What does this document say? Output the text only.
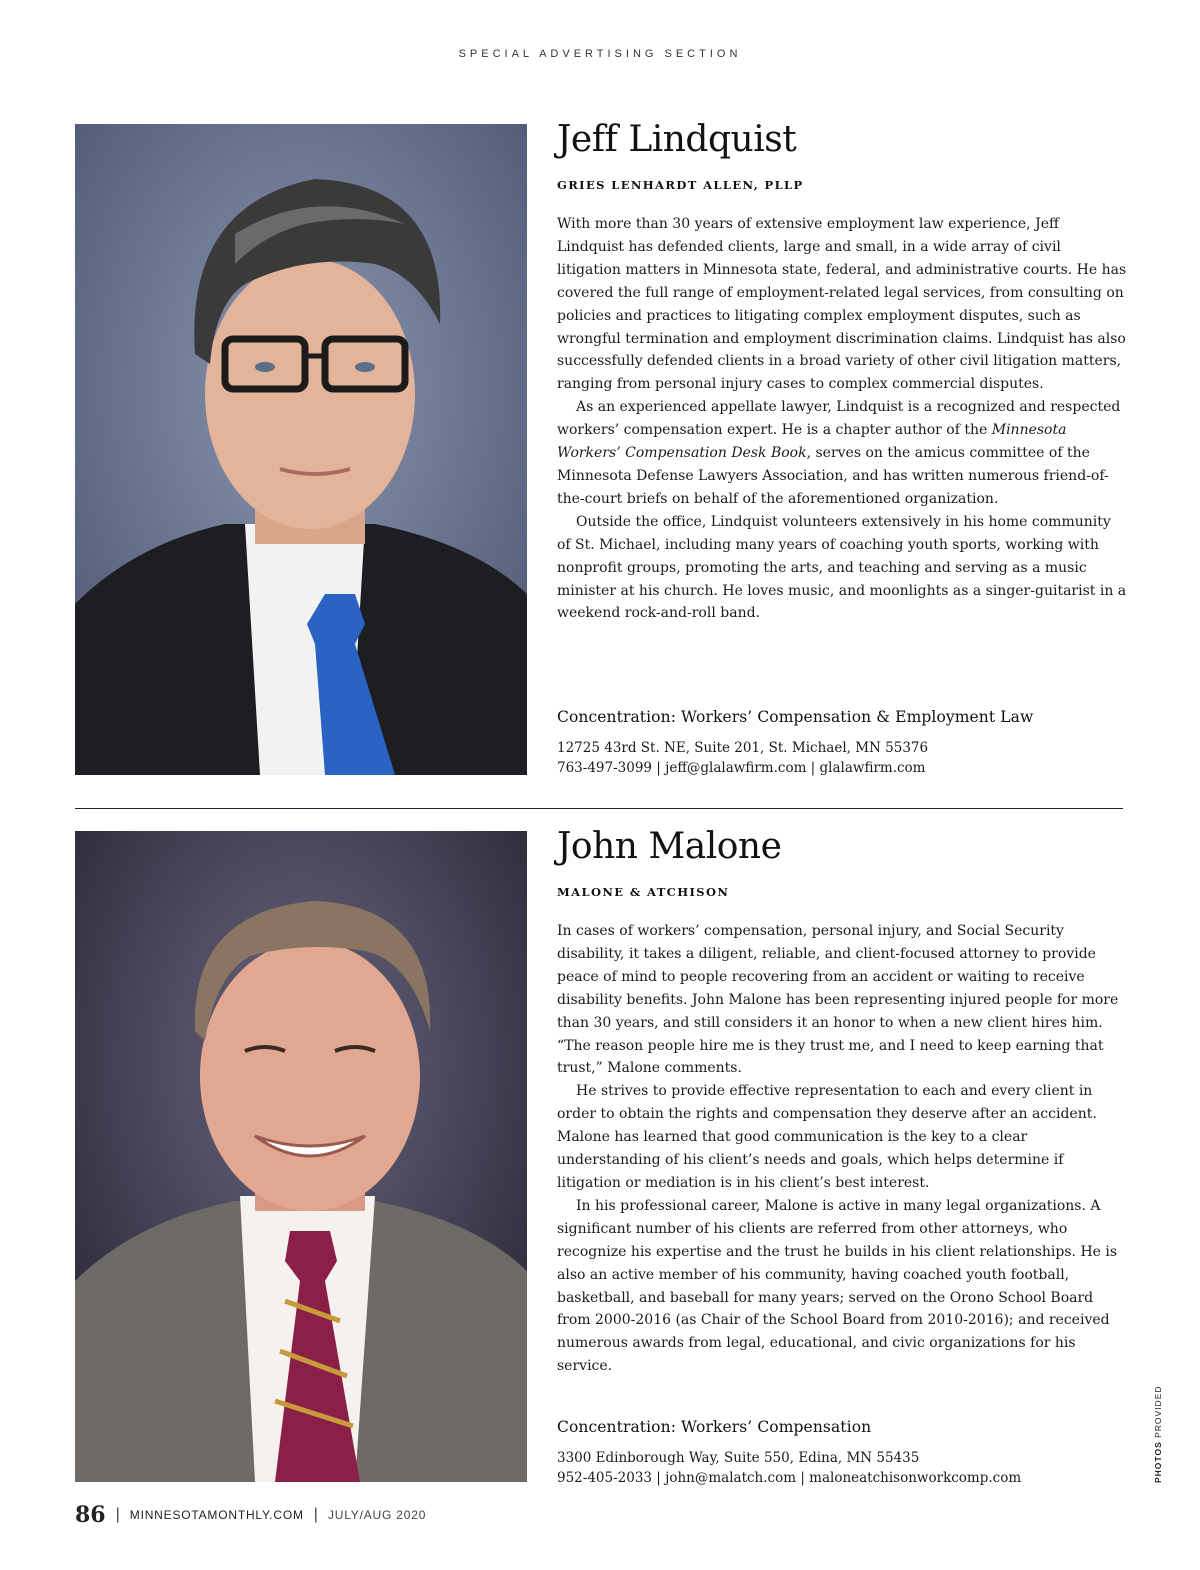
SPECIAL ADVERTISING SECTION
Jeff Lindquist
GRIES LENHARDT ALLEN, PLLP

With more than 30 years of extensive employment law experience, Jeff Lindquist has defended clients, large and small, in a wide array of civil litigation matters in Minnesota state, federal, and administrative courts. He has covered the full range of employment-related legal services, from consulting on policies and practices to litigating complex employment disputes, such as wrongful termination and employment discrimination claims. Lindquist has also successfully defended clients in a broad variety of other civil litigation matters, ranging from personal injury cases to complex commercial disputes.

As an experienced appellate lawyer, Lindquist is a recognized and respected workers’ compensation expert. He is a chapter author of the Minnesota Workers’ Compensation Desk Book, serves on the amicus committee of the Minnesota Defense Lawyers Association, and has written numerous friend-of-the-court briefs on behalf of the aforementioned organization.

Outside the office, Lindquist volunteers extensively in his home community of St. Michael, including many years of coaching youth sports, working with nonprofit groups, promoting the arts, and teaching and serving as a music minister at his church. He loves music, and moonlights as a singer-guitarist in a weekend rock-and-roll band.

Concentration: Workers’ Compensation & Employment Law
12725 43rd St. NE, Suite 201, St. Michael, MN 55376
763-497-3099 | jeff@glalawfirm.com | glalawfirm.com
John Malone
MALONE & ATCHISON

In cases of workers’ compensation, personal injury, and Social Security disability, it takes a diligent, reliable, and client-focused attorney to provide peace of mind to people recovering from an accident or waiting to receive disability benefits. John Malone has been representing injured people for more than 30 years, and still considers it an honor to when a new client hires him. “The reason people hire me is they trust me, and I need to keep earning that trust,” Malone comments.

He strives to provide effective representation to each and every client in order to obtain the rights and compensation they deserve after an accident. Malone has learned that good communication is the key to a clear understanding of his client’s needs and goals, which helps determine if litigation or mediation is in his client’s best interest.

In his professional career, Malone is active in many legal organizations. A significant number of his clients are referred from other attorneys, who recognize his expertise and the trust he builds in his client relationships. He is also an active member of his community, having coached youth football, basketball, and baseball for many years; served on the Orono School Board from 2000-2016 (as Chair of the School Board from 2010-2016); and received numerous awards from legal, educational, and civic organizations for his service.

Concentration: Workers’ Compensation
3300 Edinborough Way, Suite 550, Edina, MN 55435
952-405-2033 | john@malatch.com | maloneatchisonworkcomp.com	PHOTOS PROVIDED
86 | MINNESOTAMONTHLY.COM | JULY/AUG 2020
